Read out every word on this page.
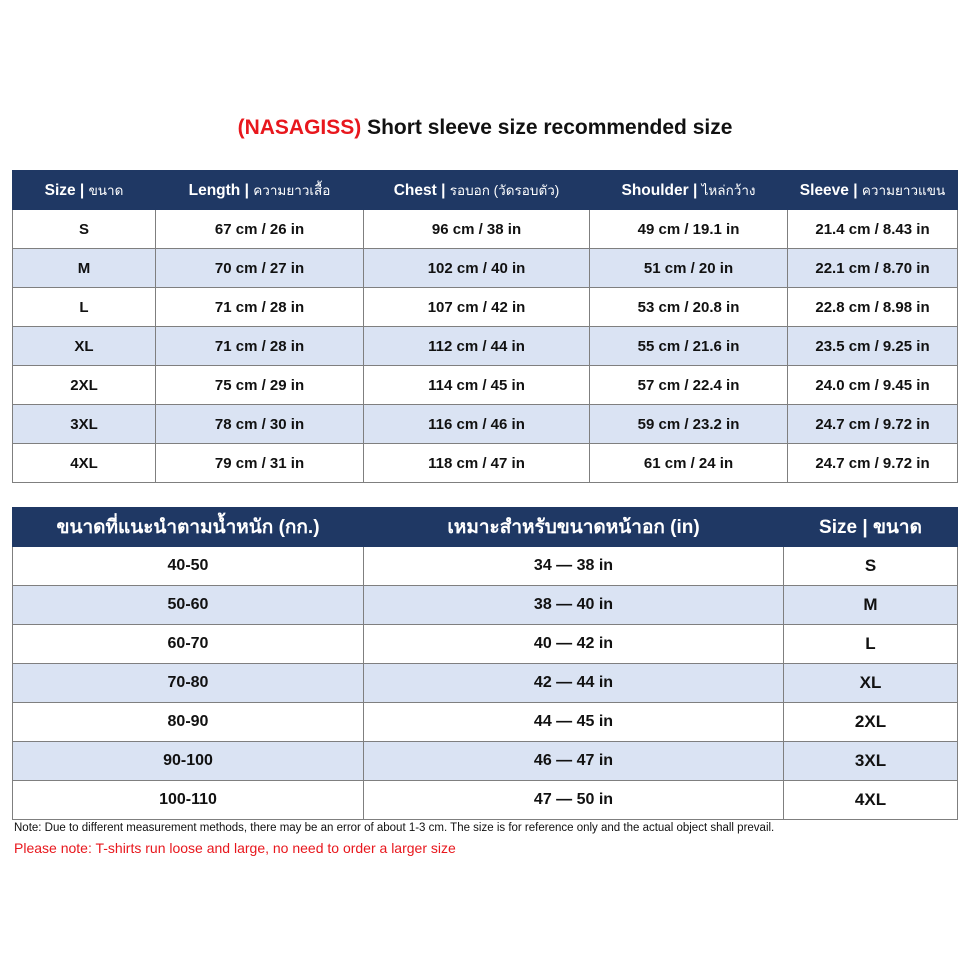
(NASAGISS) Short sleeve size recommended size
Size | ขนาด	Length | ความยาวเสื้อ	Chest | รอบอก (วัดรอบตัว)	Shoulder | ไหล่กว้าง	Sleeve | ความยาวแขน
S	67 cm / 26 in	96 cm / 38 in	49 cm / 19.1 in	21.4 cm / 8.43 in
M	70 cm / 27 in	102 cm / 40 in	51 cm / 20 in	22.1 cm / 8.70 in
L	71 cm / 28 in	107 cm / 42 in	53 cm / 20.8 in	22.8 cm / 8.98 in
XL	71 cm / 28 in	112 cm / 44 in	55 cm / 21.6 in	23.5 cm / 9.25 in
2XL	75 cm / 29 in	114 cm / 45 in	57 cm / 22.4 in	24.0 cm / 9.45 in
3XL	78 cm / 30 in	116 cm / 46 in	59 cm / 23.2 in	24.7 cm / 9.72 in
4XL	79 cm / 31 in	118 cm / 47 in	61 cm / 24 in	24.7 cm / 9.72 in
ขนาดที่แนะนำตามน้ำหนัก (กก.)	เหมาะสำหรับขนาดหน้าอก (in)	Size | ขนาด
40-50	34 — 38 in	S
50-60	38 — 40 in	M
60-70	40 — 42 in	L
70-80	42 — 44 in	XL
80-90	44 — 45 in	2XL
90-100	46 — 47 in	3XL
100-110	47 — 50 in	4XL
Note: Due to different measurement methods, there may be an error of about 1-3 cm. The size is for reference only and the actual object shall prevail.
Please note: T-shirts run loose and large, no need to order a larger size
